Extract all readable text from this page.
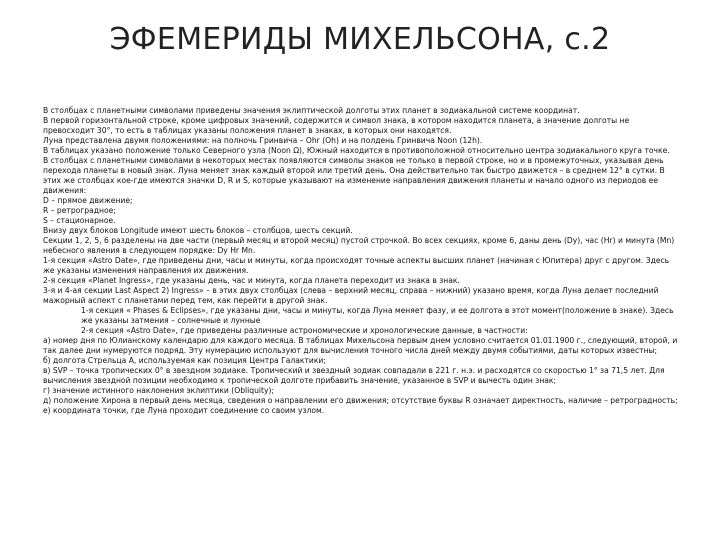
ЭФЕМЕРИДЫ МИХЕЛЬСОНА, с.2

В столбцах с планетными символами приведены значения эклиптической долготы этих планет в зодиакальной системе координат.

В первой горизонтальной строке, кроме цифровых значений, содержится и символ знака, в котором находится планета, а значение долготы не превосходит 30°, то есть в таблицах указаны положения планет в знаках, в которых они находятся.

Луна представлена двумя положениями: на полночь Гринвича – Ohr (Oh) и на полдень Гринвича Noon (12h).

В таблицах указано положение только Северного узла (Noon Ω), Южный находится в противоположной относительно центра зодиакального круга точке.

В столбцах с планетными символами в некоторых местах появляются символы знаков не только в первой строке, но и в промежуточных, указывая день перехода планеты в новый знак. Луна меняет знак каждый второй или третий день. Она действительно так быстро движется – в среднем 12° в сутки. В этих же столбцах кое-где имеются значки D, R и S, которые указывают на изменение направления движения планеты и начало одного из периодов ее движения:

D – прямое движение;

R – ретроградное;

S – стационарное.

Внизу двух блоков Longitude имеют шесть блоков – столбцов, шесть секций.

Секции 1, 2, 5, 6 разделены на две части (первый месяц и второй месяц) пустой строчкой. Во всех секциях, кроме 6, даны день (Dy), час (Hr) и минута (Mn) небесного явления в следующем порядке: Dy Hr Mn.

1-я секция «Astro Date», где приведены дни, часы и минуты, когда происходят точные аспекты высших планет (начиная с Юпитера) друг с другом. Здесь же указаны изменения направления их движения.

2-я секция «Planet Ingress», где указаны день, час и минута, когда планета переходит из знака в знак.

3-я и 4-ая секции Last Aspect 2) Ingress» – в этих двух столбцах (слева – верхний месяц, справа – нижний) указано время, когда Луна делает последний мажорный аспект с планетами перед тем, как перейти в другой знак.

1-я секция « Phases & Eclipses», где указаны дни, часы и минуты, когда Луна меняет фазу, и ее долгота в этот момент(положение в знаке). Здесь же указаны затмения – солнечные и лунные

2-я секция «Astro Date», где приведены различные астрономические и хронологические данные, в частности:

а) номер дня по Юлианскому календарю для каждого месяца. В таблицах Михельсона первым днем условно считается 01.01.1900 г., следующий, второй, и так далее дни нумеруются подряд. Эту нумерацию используют для вычисления точного числа дней между двумя событиями, даты которых известны;

б) долгота Стрельца А, используемая как позиция Центра Галактики;

в) SVP – точка тропических 0° в звездном зодиаке. Тропический и звездный зодиак совпадали в 221 г. н.э. и расходятся со скоростью 1° за 71,5 лет. Для вычисления звездной позиции необходимо к тропической долготе прибавить значение, указанное в SVP и вычесть один знак;

г) значение истинного наклонения эклиптики (Obliquity);

д) положение Хирона в первый день месяца, сведения о направлении его движения; отсутствие буквы R означает директность, наличие – ретроградность;

е) координата точки, где Луна проходит соединение со своим узлом.
